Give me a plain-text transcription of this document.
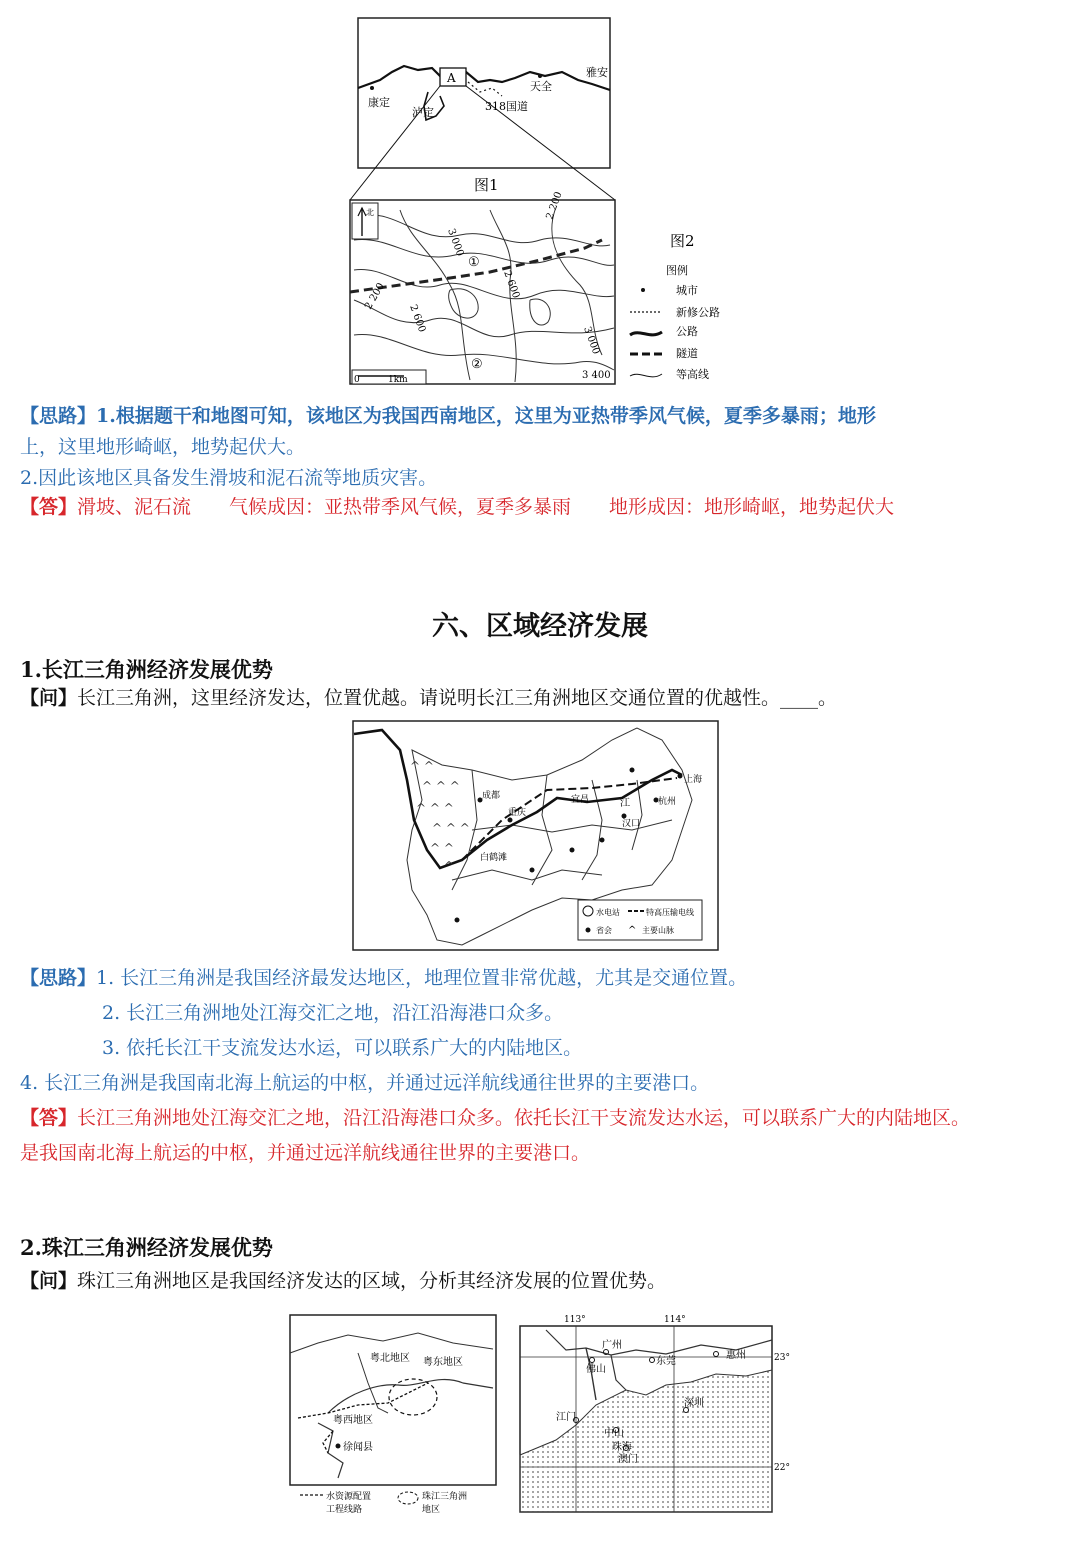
A
康定
泸定	318国道
天全
雅安
图1
3 000
2 200
2 600
2 200
2 600
3 000
3 400
①
②
北
0	1km
图2
图例
城市
新修公路
公路
隧道
等高线
【思路】1.根据题干和地图可知，该地区为我国西南地区，这里为亚热带季风气候，夏季多暴雨；地形
上，这里地形崎岖，地势起伏大。
2.因此该地区具备发生滑坡和泥石流等地质灾害。
【答】滑坡、泥石流　　气候成因：亚热带季风气候，夏季多暴雨　　地形成因：地形崎岖，地势起伏大
六、区域经济发展
1.长江三角洲经济发展优势
【问】长江三角洲，这里经济发达，位置优越。请说明长江三角洲地区交通位置的优越性。____。
^ ^
^ ^ ^
^ ^ ^
^ ^ ^
^ ^
^
成都
重庆
宜昌	江
汉口
上海
杭州
白鹤滩
水电站	特高压输电线
省会 ^ 主要山脉
【思路】1. 长江三角洲是我国经济最发达地区，地理位置非常优越，尤其是交通位置。
2. 长江三角洲地处江海交汇之地，沿江沿海港口众多。
3. 依托长江干支流发达水运，可以联系广大的内陆地区。
4. 长江三角洲是我国南北海上航运的中枢，并通过远洋航线通往世界的主要港口。
【答】长江三角洲地处江海交汇之地，沿江沿海港口众多。依托长江干支流发达水运，可以联系广大的内陆地区。
是我国南北海上航运的中枢，并通过远洋航线通往世界的主要港口。
2.珠江三角洲经济发展优势
【问】珠江三角洲地区是我国经济发达的区域，分析其经济发展的位置优势。
粤北地区 粤东地区
粤西地区
徐闻县
水资源配置
工程线路
珠江三角洲
地区
113°	114°
23°
22°
广州
佛山
东莞
惠州
深圳
江门
中山
珠海
澳门
